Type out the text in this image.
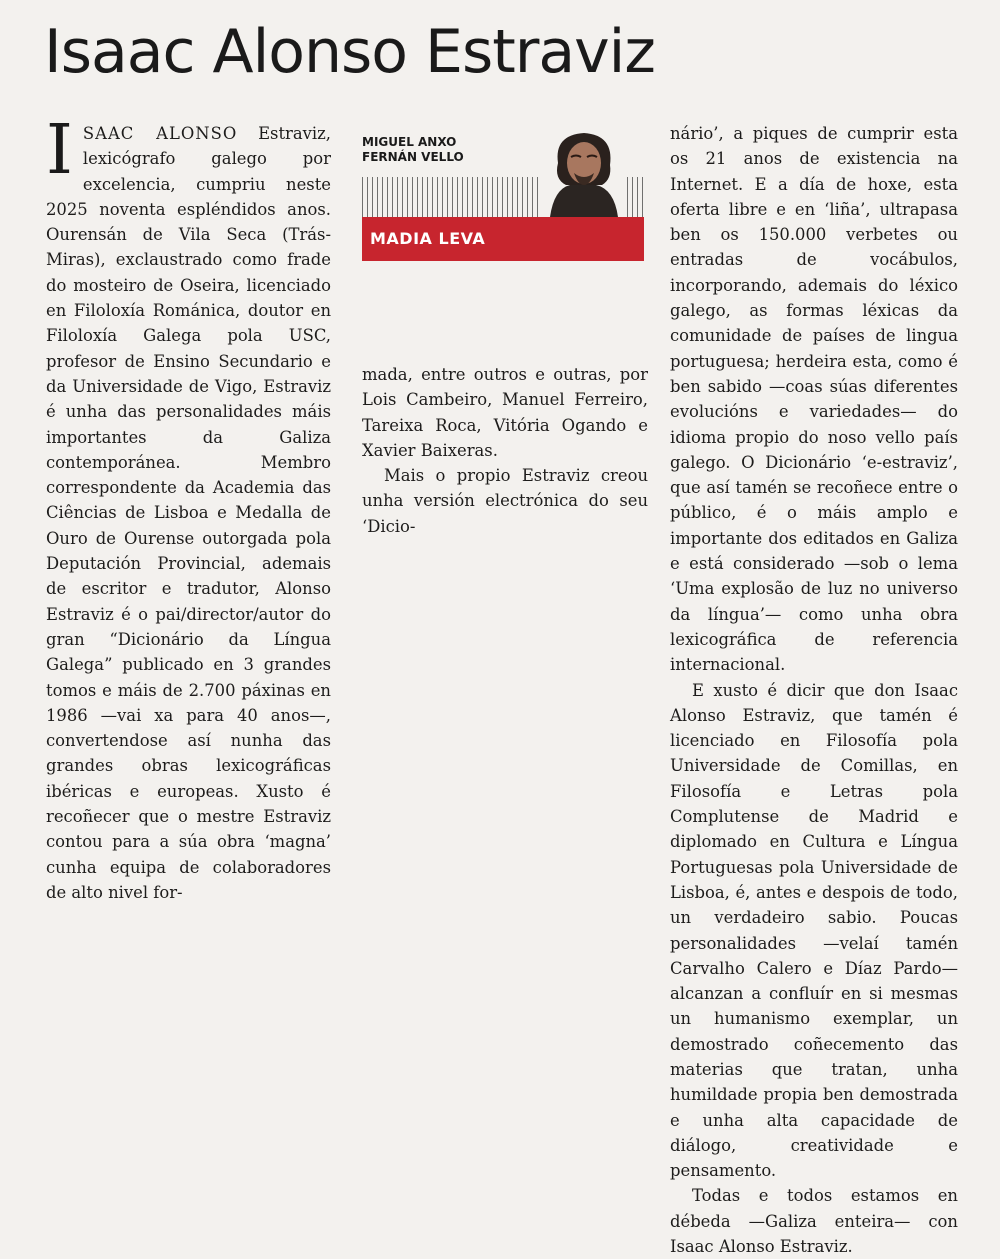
Isaac Alonso Estraviz

ISAAC ALONSO Estraviz, lexicógrafo galego por excelencia, cumpriu neste 2025 noventa espléndidos anos. Ourensán de Vila Seca (Trás-Miras), exclaustrado como frade do mosteiro de Oseira, licenciado en Filoloxía Románica, doutor en Filoloxía Galega pola USC, profesor de Ensino Secundario e da Universidade de Vigo, Estraviz é unha das personalidades máis importantes da Galiza contemporánea. Membro correspondente da Academia das Ciências de Lisboa e Medalla de Ouro de Ourense outorgada pola Deputación Provincial, ademais de escritor e tradutor, Alonso Estraviz é o pai/director/autor do gran “Dicionário da Língua Galega” publicado en 3 grandes tomos e máis de 2.700 páxinas en 1986 —vai xa para 40 anos—, convertendose así nunha das grandes obras lexicográficas ibéricas e europeas. Xusto é recoñecer que o mestre Estraviz contou para a súa obra ‘magna’ cunha equipa de colaboradores de alto nivel for-

MIGUEL ANXO
FERNÁN VELLO
MADIA LEVA

mada, entre outros e outras, por Lois Cambeiro, Manuel Ferreiro, Tareixa Roca, Vitória Ogando e Xavier Baixeras.

Mais o propio Estraviz creou unha versión electrónica do seu ‘Dicio-

nário’, a piques de cumprir esta os 21 anos de existencia na Internet. E a día de hoxe, esta oferta libre e en ‘liña’, ultrapasa ben os 150.000 verbetes ou entradas de vocábulos, incorporando, ademais do léxico galego, as formas léxicas da comunidade de países de lingua portuguesa; herdeira esta, como é ben sabido —coas súas diferentes evolucións e variedades— do idioma propio do noso vello país galego. O Dicionário ‘e-estraviz’, que así tamén se recoñece entre o público, é o máis amplo e importante dos editados en Galiza e está considerado —sob o lema ‘Uma explosão de luz no universo da língua’— como unha obra lexicográfica de referencia internacional.

E xusto é dicir que don Isaac Alonso Estraviz, que tamén é licenciado en Filosofía pola Universidade de Comillas, en Filosofía e Letras pola Complutense de Madrid e diplomado en Cultura e Língua Portuguesas pola Universidade de Lisboa, é, antes e despois de todo, un verdadeiro sabio. Poucas personalidades —velaí tamén Carvalho Calero e Díaz Pardo— alcanzan a confluír en si mesmas un humanismo exemplar, un demostrado coñecemento das materias que tratan, unha humildade propia ben demostrada e unha alta capacidade de diálogo, creatividade e pensamento.

Todas e todos estamos en débeda —Galiza enteira— con Isaac Alonso Estraviz.
